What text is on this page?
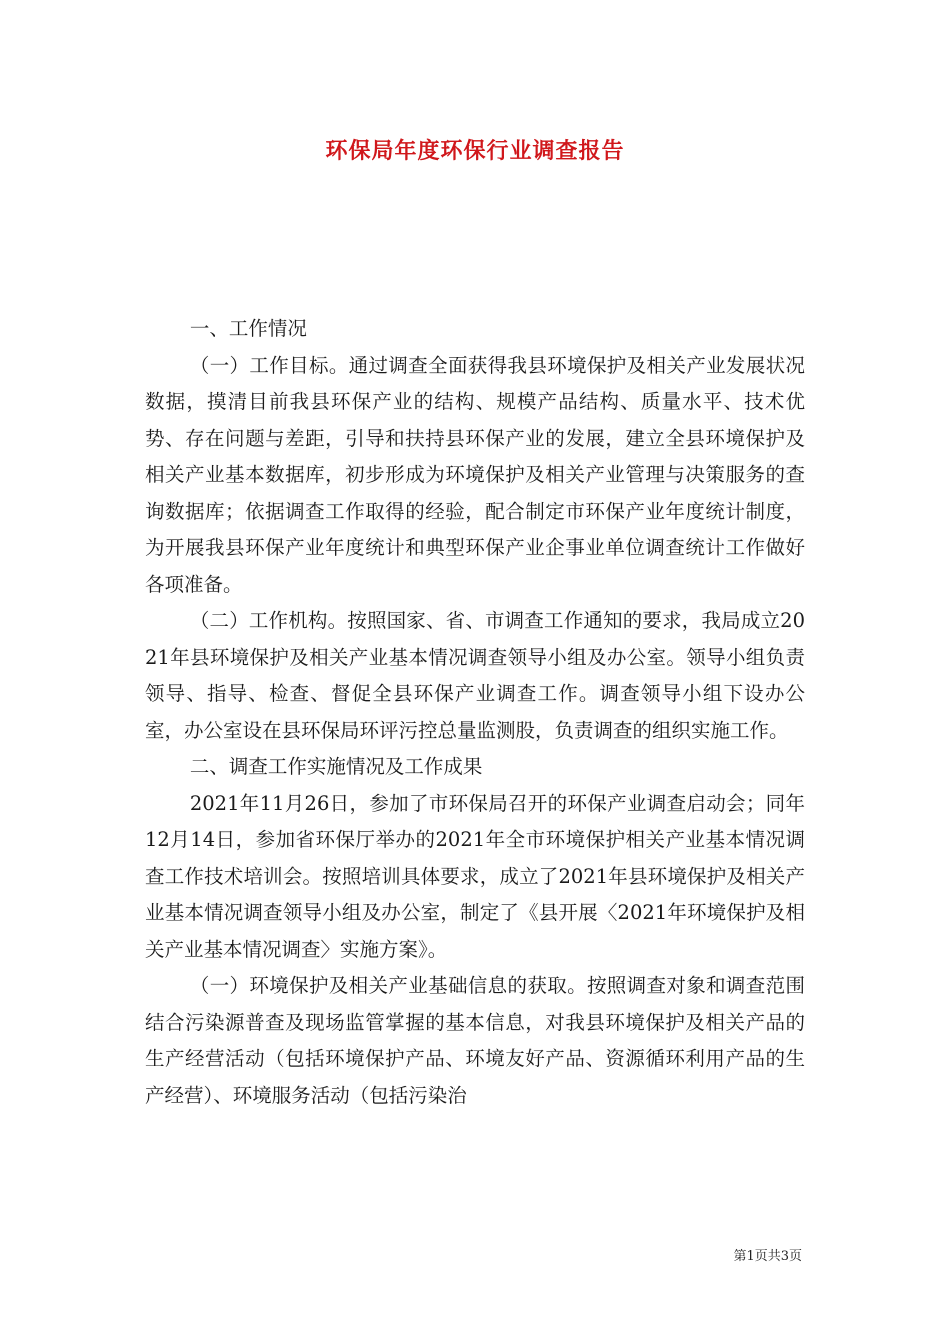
环保局年度环保行业调查报告

一、工作情况

（一）工作目标。通过调查全面获得我县环境保护及相关产业发展状况数据，摸清目前我县环保产业的结构、规模产品结构、质量水平、技术优势、存在问题与差距，引导和扶持县环保产业的发展，建立全县环境保护及相关产业基本数据库，初步形成为环境保护及相关产业管理与决策服务的查询数据库；依据调查工作取得的经验，配合制定市环保产业年度统计制度，为开展我县环保产业年度统计和典型环保产业企事业单位调查统计工作做好各项准备。

（二）工作机构。按照国家、省、市调查工作通知的要求，我局成立2021年县环境保护及相关产业基本情况调查领导小组及办公室。领导小组负责领导、指导、检查、督促全县环保产业调查工作。调查领导小组下设办公室，办公室设在县环保局环评污控总量监测股，负责调查的组织实施工作。

二、调查工作实施情况及工作成果

2021年11月26日，参加了市环保局召开的环保产业调查启动会；同年12月14日，参加省环保厅举办的2021年全市环境保护相关产业基本情况调查工作技术培训会。按照培训具体要求，成立了2021年县环境保护及相关产业基本情况调查领导小组及办公室，制定了《县开展〈2021年环境保护及相关产业基本情况调查〉实施方案》。

（一）环境保护及相关产业基础信息的获取。按照调查对象和调查范围结合污染源普查及现场监管掌握的基本信息，对我县环境保护及相关产品的生产经营活动（包括环境保护产品、环境友好产品、资源循环利用产品的生产经营）、环境服务活动（包括污染治

第1页共3页
